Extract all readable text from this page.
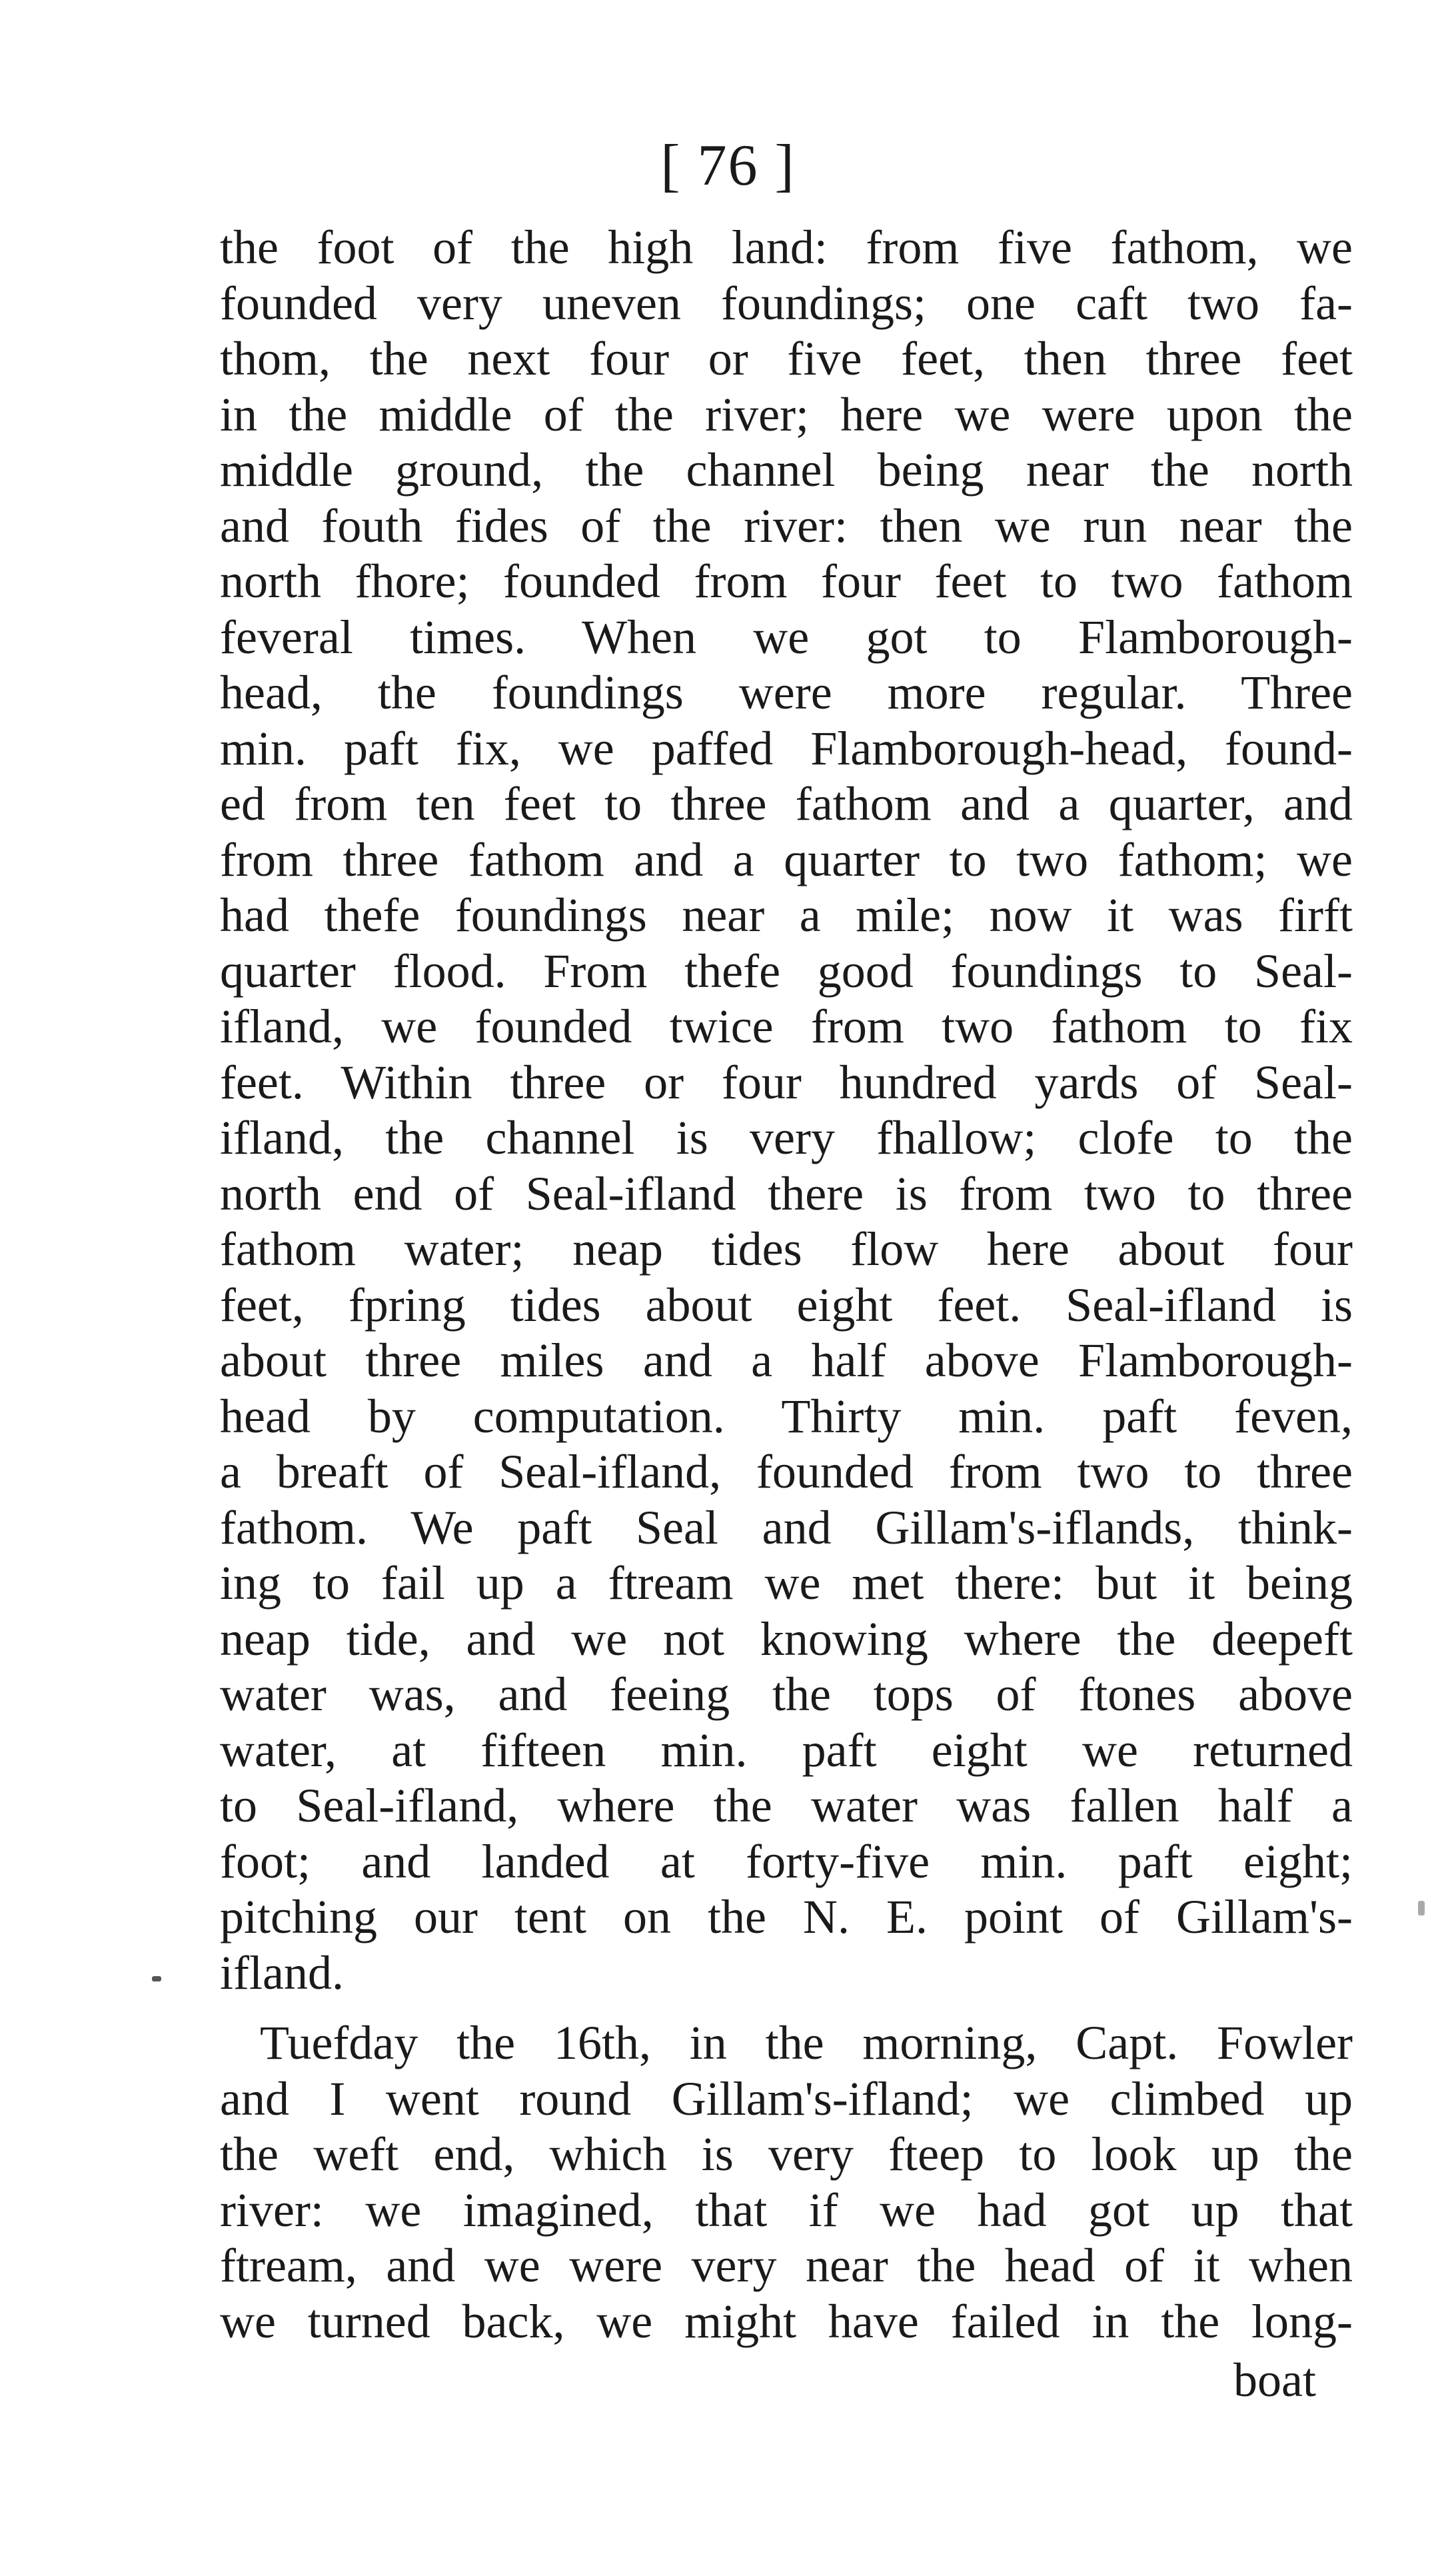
[ 76 ]
the foot of the high land: from five fathom, we
founded very uneven foundings; one caft two fa-
thom, the next four or five feet, then three feet
in the middle of the river; here we were upon the
middle ground, the channel being near the north
and fouth fides of the river: then we run near the
north fhore; founded from four feet to two fathom
feveral times. When we got to Flamborough-
head, the foundings were more regular. Three
min. paft fix, we paffed Flamborough-head, found-
ed from ten feet to three fathom and a quarter, and
from three fathom and a quarter to two fathom; we
had thefe foundings near a mile; now it was firft
quarter flood. From thefe good foundings to Seal-
ifland, we founded twice from two fathom to fix
feet. Within three or four hundred yards of Seal-
ifland, the channel is very fhallow; clofe to the
north end of Seal-ifland there is from two to three
fathom water; neap tides flow here about four
feet, fpring tides about eight feet. Seal-ifland is
about three miles and a half above Flamborough-
head by computation. Thirty min. paft feven,
a breaft of Seal-ifland, founded from two to three
fathom. We paft Seal and Gillam's-iflands, think-
ing to fail up a ftream we met there: but it being
neap tide, and we not knowing where the deepeft
water was, and feeing the tops of ftones above
water, at fifteen min. paft eight we returned
to Seal-ifland, where the water was fallen half a
foot; and landed at forty-five min. paft eight;
pitching our tent on the N. E. point of Gillam's-
ifland.
Tuefday the 16th, in the morning, Capt. Fowler
and I went round Gillam's-ifland; we climbed up
the weft end, which is very fteep to look up the
river: we imagined, that if we had got up that
ftream, and we were very near the head of it when
we turned back, we might have failed in the long-
boat
